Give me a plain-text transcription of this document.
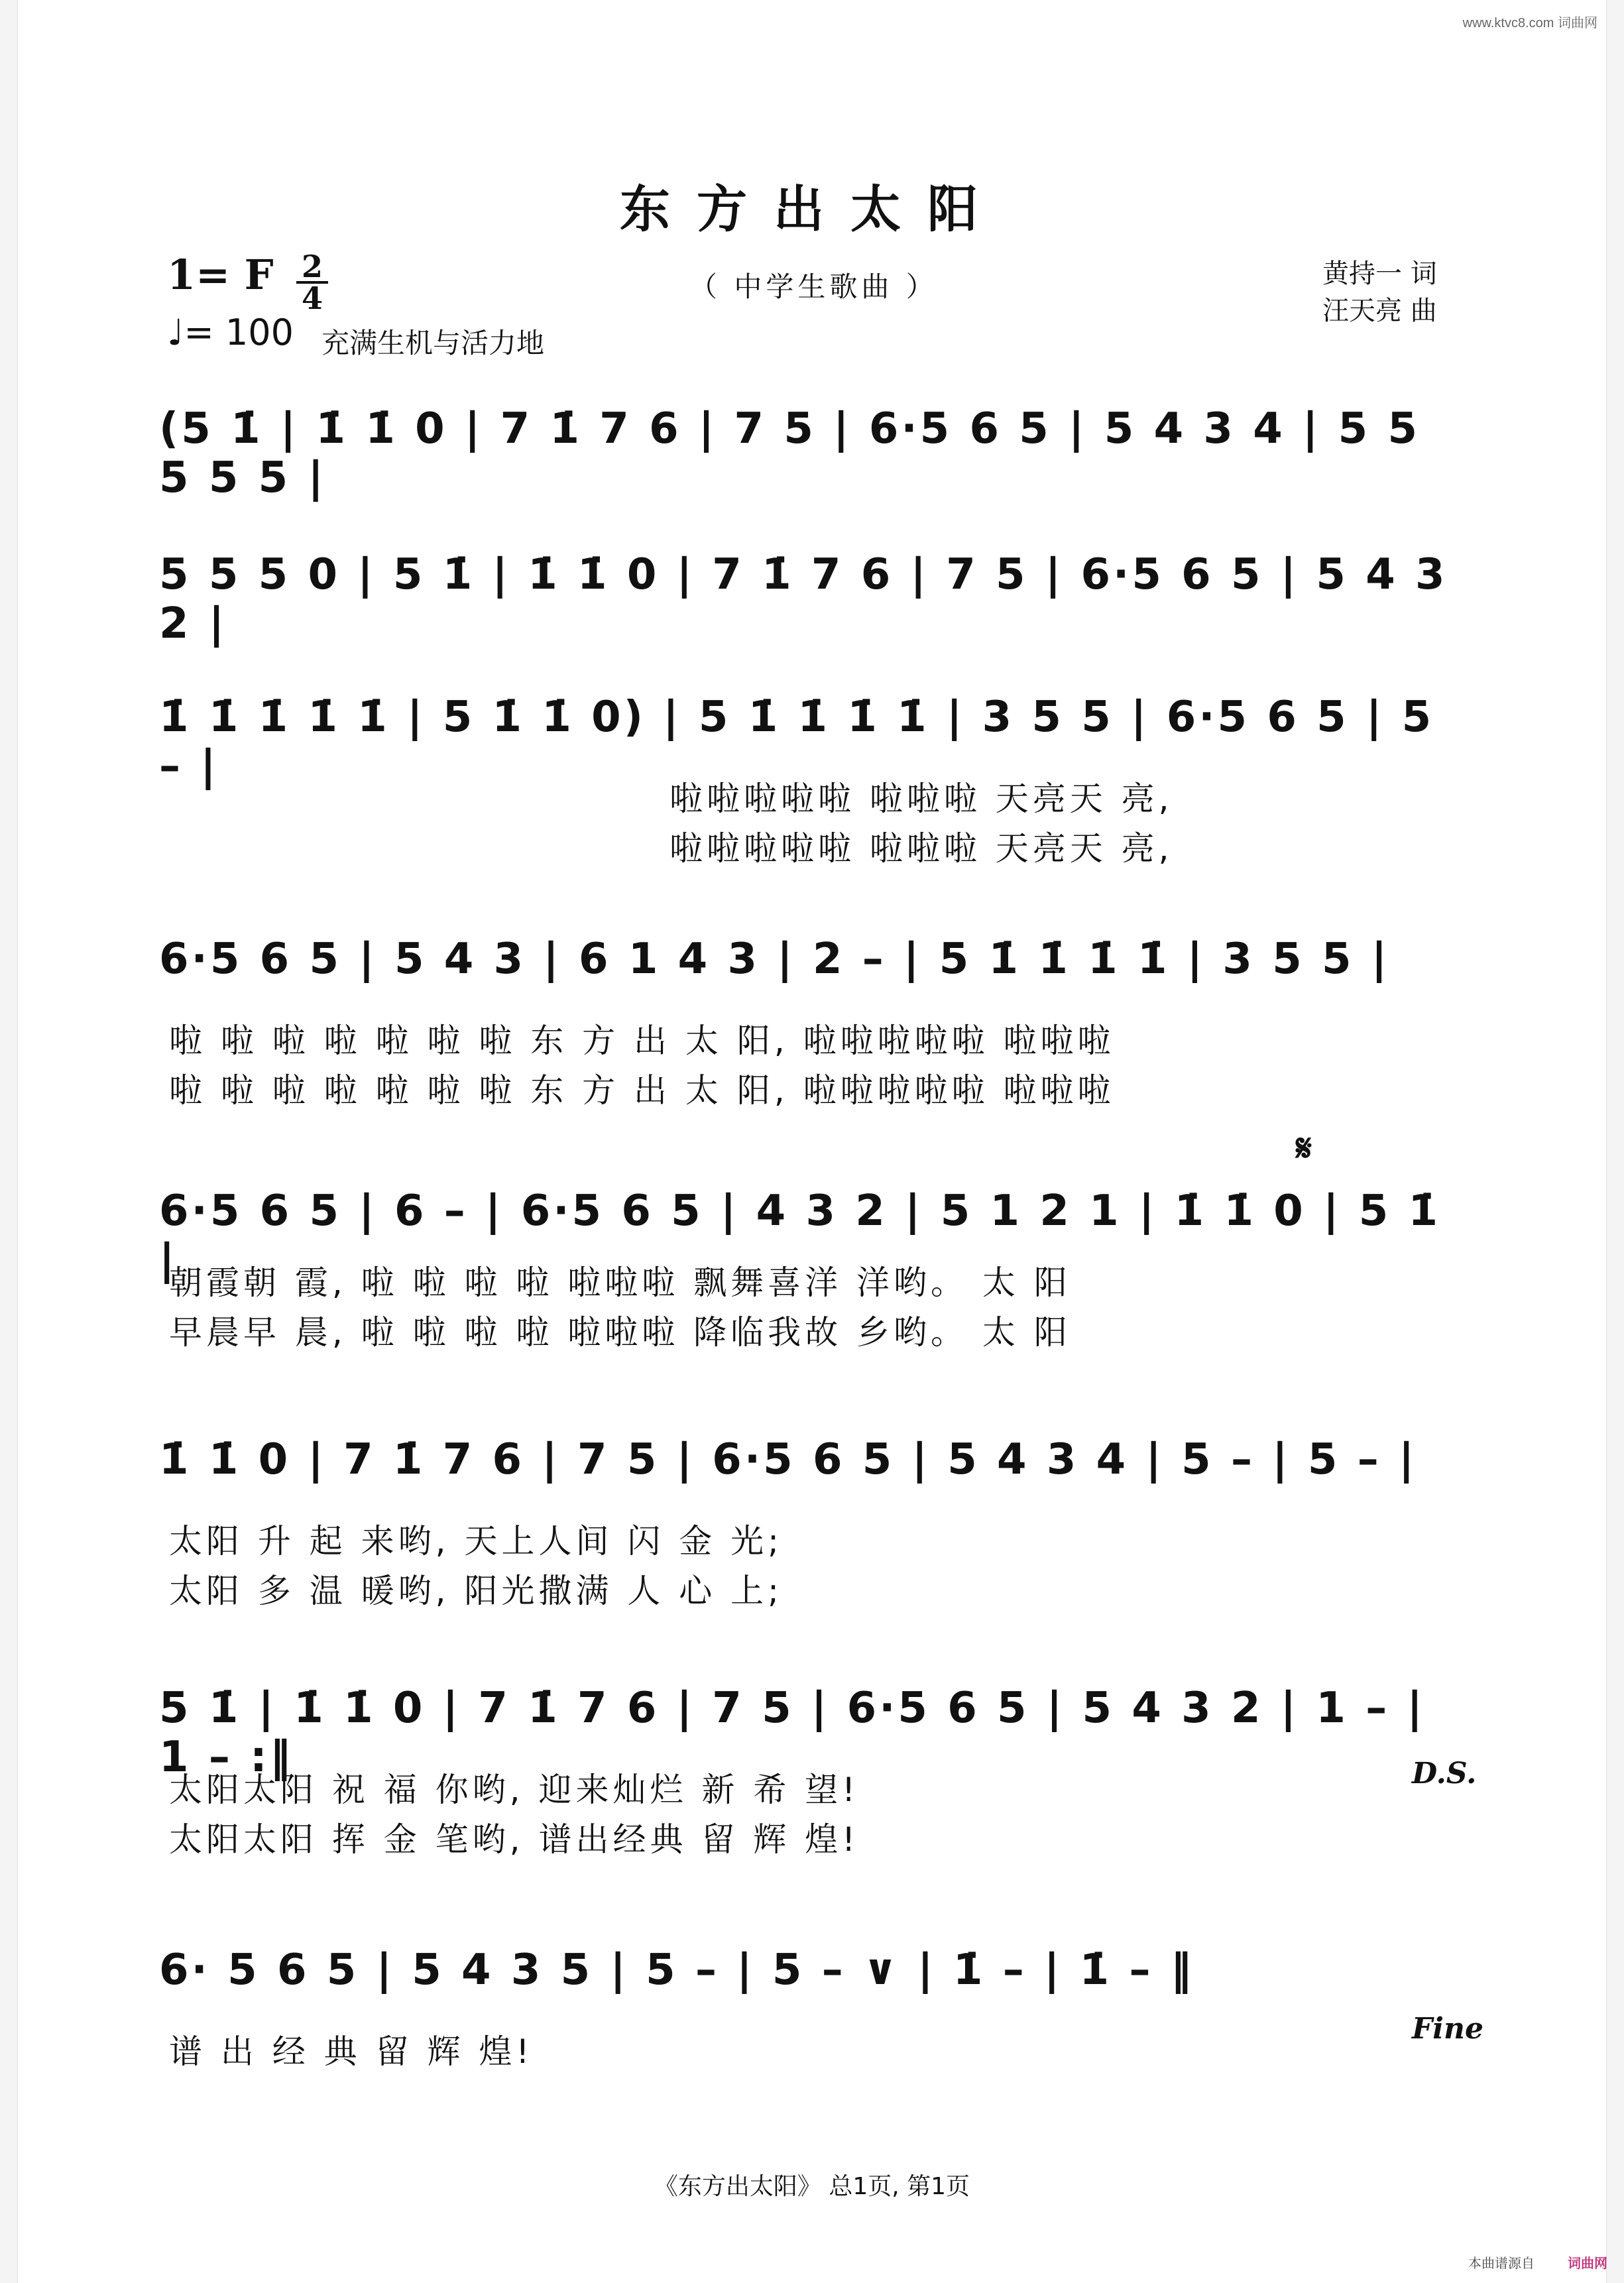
www.ktvc8.com 词曲网
东方出太阳
（ 中学生歌曲 ）
1= F 2
4
♩= 100 充满生机与活力地
黄持一 词
汪天亮 曲
(5 1̇ | 1̇ 1̇ 0 | 7 1̇ 7 6 | 7 5 | 6·5 6 5 | 5 4 3 4 | 5 5 5 5 5 |
5 5 5 0 | 5 1̇ | 1̇ 1̇ 0 | 7 1̇ 7 6 | 7 5 | 6·5 6 5 | 5 4 3 2 |
1̇ 1̇ 1̇ 1̇ 1̇ | 5 1̇ 1̇ 0) | 5 1̇ 1̇ 1̇ 1̇ | 3 5 5 | 6·5 6 5 | 5 – |
啦啦啦啦啦 啦啦啦 天亮天 亮,
啦啦啦啦啦 啦啦啦 天亮天 亮,
6·5 6 5 | 5 4 3 | 6 1 4 3 | 2 – | 5 1̇ 1̇ 1̇ 1̇ | 3 5 5 |
啦 啦 啦 啦 啦 啦 啦 东 方 出 太 阳, 啦啦啦啦啦 啦啦啦
啦 啦 啦 啦 啦 啦 啦 东 方 出 太 阳, 啦啦啦啦啦 啦啦啦
𝄋
6·5 6 5 | 6 – | 6·5 6 5 | 4 3 2 | 5 1 2 1 | 1̇ 1̇ 0 | 5 1̇ |
朝霞朝 霞, 啦 啦 啦 啦 啦啦啦 飘舞喜洋 洋哟。 太 阳
早晨早 晨, 啦 啦 啦 啦 啦啦啦 降临我故 乡哟。 太 阳
1̇ 1̇ 0 | 7 1̇ 7 6 | 7 5 | 6·5 6 5 | 5 4 3 4 | 5 – | 5 – |
太阳 升 起 来哟, 天上人间 闪 金 光;
太阳 多 温 暖哟, 阳光撒满 人 心 上;
5 1̇ | 1̇ 1̇ 0 | 7 1̇ 7 6 | 7 5 | 6·5 6 5 | 5 4 3 2 | 1 – | 1 – :‖
太阳太阳 祝 福 你哟, 迎来灿烂 新 希 望!
太阳太阳 挥 金 笔哟, 谱出经典 留 辉 煌!
D.S.
6· 5 6 5 | 5 4 3 5 | 5 – | 5 – ∨ | 1̇ – | 1̇ – ‖
谱 出 经 典 留 辉 煌!
Fine
《东方出太阳》 总1页, 第1页
本曲谱源自	词曲网
